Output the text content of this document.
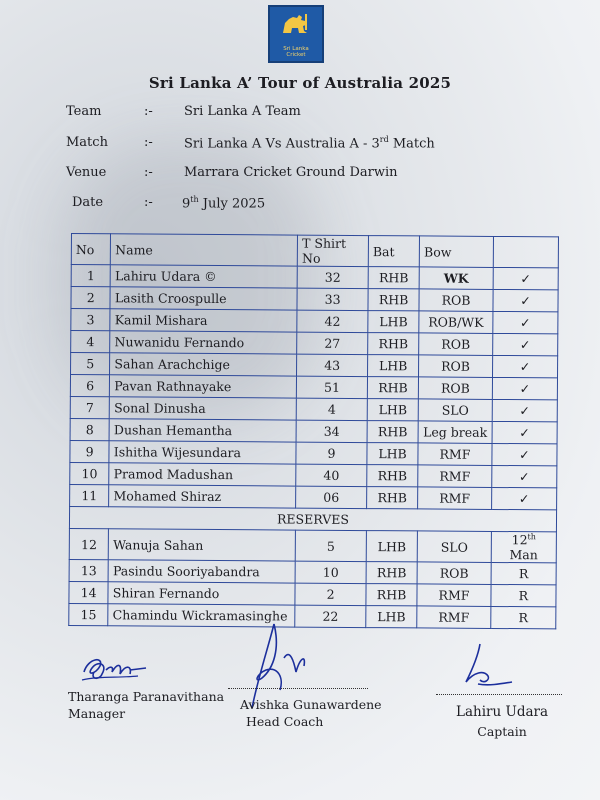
Sri Lanka
Cricket
Sri Lanka A’ Tour of Australia 2025
Team	:- Sri Lanka A Team
Match	:- Sri Lanka A Vs Australia A - 3rd Match
Venue	:- Marrara Cricket Ground Darwin
Date	:- 9th July 2025
No	Name	T Shirt No	Bat	Bow	
1	Lahiru Udara ©	32	RHB	WK	✓
2	Lasith Croospulle	33	RHB	ROB	✓
3	Kamil Mishara	42	LHB	ROB/WK	✓
4	Nuwanidu Fernando	27	RHB	ROB	✓
5	Sahan Arachchige	43	LHB	ROB	✓
6	Pavan Rathnayake	51	RHB	ROB	✓
7	Sonal Dinusha	4	LHB	SLO	✓
8	Dushan Hemantha	34	RHB	Leg break	✓
9	Ishitha Wijesundara	9	LHB	RMF	✓
10	Pramod Madushan	40	RHB	RMF	✓
11	Mohamed Shiraz	06	RHB	RMF	✓
RESERVES					
12	Wanuja Sahan	5	LHB	SLO	12th Man
13	Pasindu Sooriyabandra	10	RHB	ROB	R
14	Shiran Fernando	2	RHB	RMF	R
15	Chamindu Wickramasinghe	22	LHB	RMF	R
Tharanga Paranavithana
Manager
Avishka Gunawardene
Head Coach
Lahiru Udara
Captain
